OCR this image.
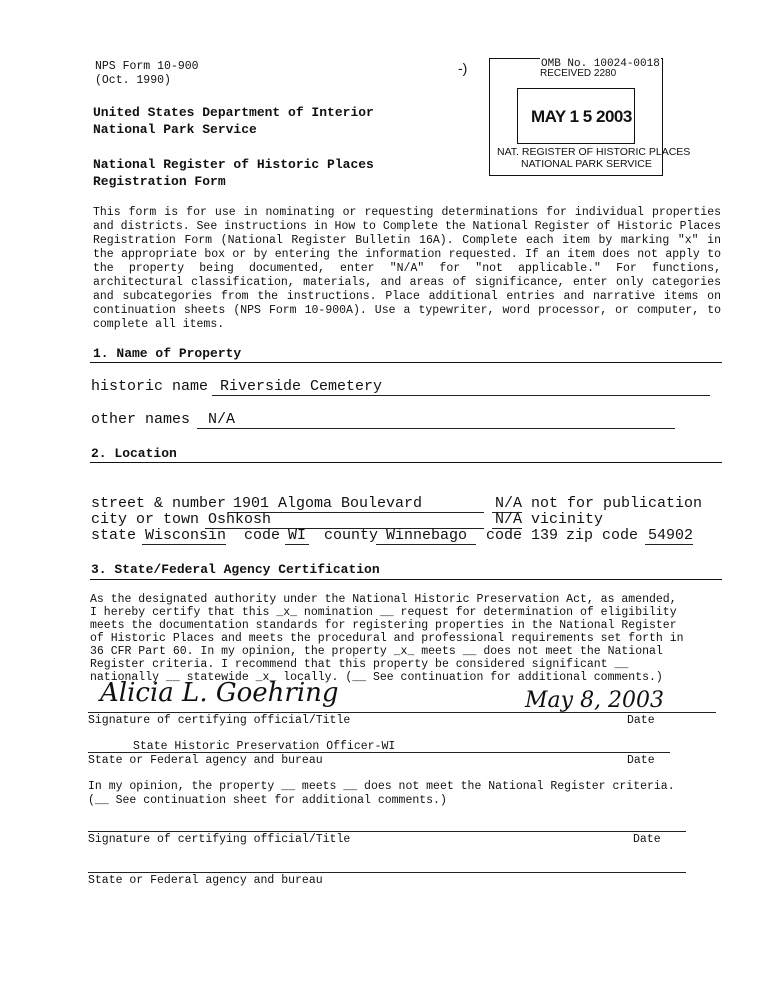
NPS Form 10-900
(Oct. 1990)
United States Department of Interior
National Park Service
National Register of Historic Places
Registration Form
-)	OMB No. 10024-0018
RECEIVED 2280
MAY 1 5 2003
NAT. REGISTER OF HISTORIC PLACES
NATIONAL PARK SERVICE
This form is for use in nominating or requesting determinations for individual properties and districts. See instructions in How to Complete the National Register of Historic Places Registration Form (National Register Bulletin 16A). Complete each item by marking "x" in the appropriate box or by entering the information requested. If an item does not apply to the property being documented, enter "N/A" for "not applicable." For functions, architectural classification, materials, and areas of significance, enter only categories and subcategories from the instructions. Place additional entries and narrative items on continuation sheets (NPS Form 10-900A). Use a typewriter, word processor, or computer, to complete all items.
1. Name of Property
historic name Riverside Cemetery
other names N/A
2. Location
street & number 1901 Algoma Boulevard	N/A not for publication
city or town Oshkosh	N/A vicinity
state Wisconsin code WI county Winnebago code 139 zip code 54902
3. State/Federal Agency Certification
As the designated authority under the National Historic Preservation Act, as amended,
I hereby certify that this _x_ nomination __ request for determination of eligibility
meets the documentation standards for registering properties in the National Register
of Historic Places and meets the procedural and professional requirements set forth in
36 CFR Part 60. In my opinion, the property _x_ meets __ does not meet the National
Register criteria. I recommend that this property be considered significant __
nationally __ statewide _x_ locally. (__ See continuation for additional comments.)
Alicia L. Goehring	May 8, 2003
Signature of certifying official/Title	Date
State Historic Preservation Officer-WI
State or Federal agency and bureau	Date
In my opinion, the property __ meets __ does not meet the National Register criteria.
(__ See continuation sheet for additional comments.)
Signature of certifying official/Title	Date
State or Federal agency and bureau
